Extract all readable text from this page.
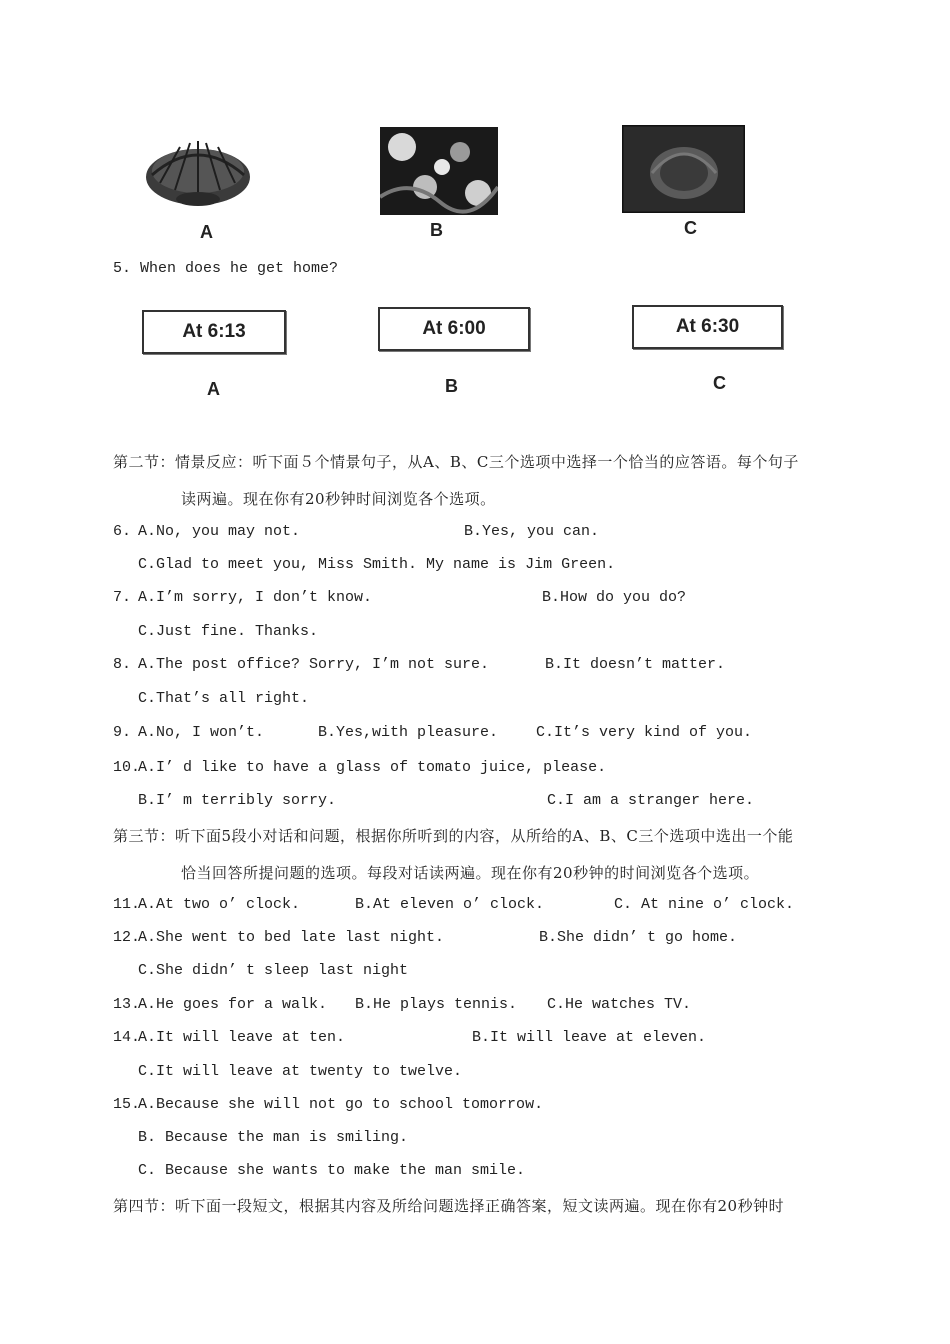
A	B	C
5. When does he get home?
At 6:13
A
At 6:00
B
At 6:30
C
第二节：情景反应：听下面５个情景句子，从A、B、C三个选项中选择一个恰当的应答语。每个句子
读两遍。现在你有20秒钟时间浏览各个选项。
6. A.No, you may not.	B.Yes, you can.
C.Glad to meet you, Miss Smith. My name is Jim Green.
7. A.I’m sorry, I don’t know.	B.How do you do?
C.Just fine. Thanks.
8. A.The post office? Sorry, I’m not sure.	B.It doesn’t matter.
C.That’s all right.
9. A.No, I won’t.	B.Yes,with pleasure.	C.It’s very kind of you.
10.
A.I’ d like to have a glass of tomato juice, please.
B.I’ m terribly sorry.	C.I am a stranger here.
第三节：听下面5段小对话和问题，根据你所听到的内容，从所给的A、B、C三个选项中选出一个能
恰当回答所提问题的选项。每段对话读两遍。现在你有20秒钟的时间浏览各个选项。
11.
A.At two o’ clock.	B.At eleven o’ clock.	C. At nine o’ clock.
12.
A.She went to bed late last night.	B.She didn’ t go home.
C.She didn’ t sleep last night
13.
A.He goes for a walk. B.He plays tennis. C.He watches TV.
14.
A.It will leave at ten.	B.It will leave at eleven.
C.It will leave at twenty to twelve.
15.
A.Because she will not go to school tomorrow.
B. Because the man is smiling.
C. Because she wants to make the man smile.
第四节：听下面一段短文，根据其内容及所给问题选择正确答案，短文读两遍。现在你有20秒钟时
